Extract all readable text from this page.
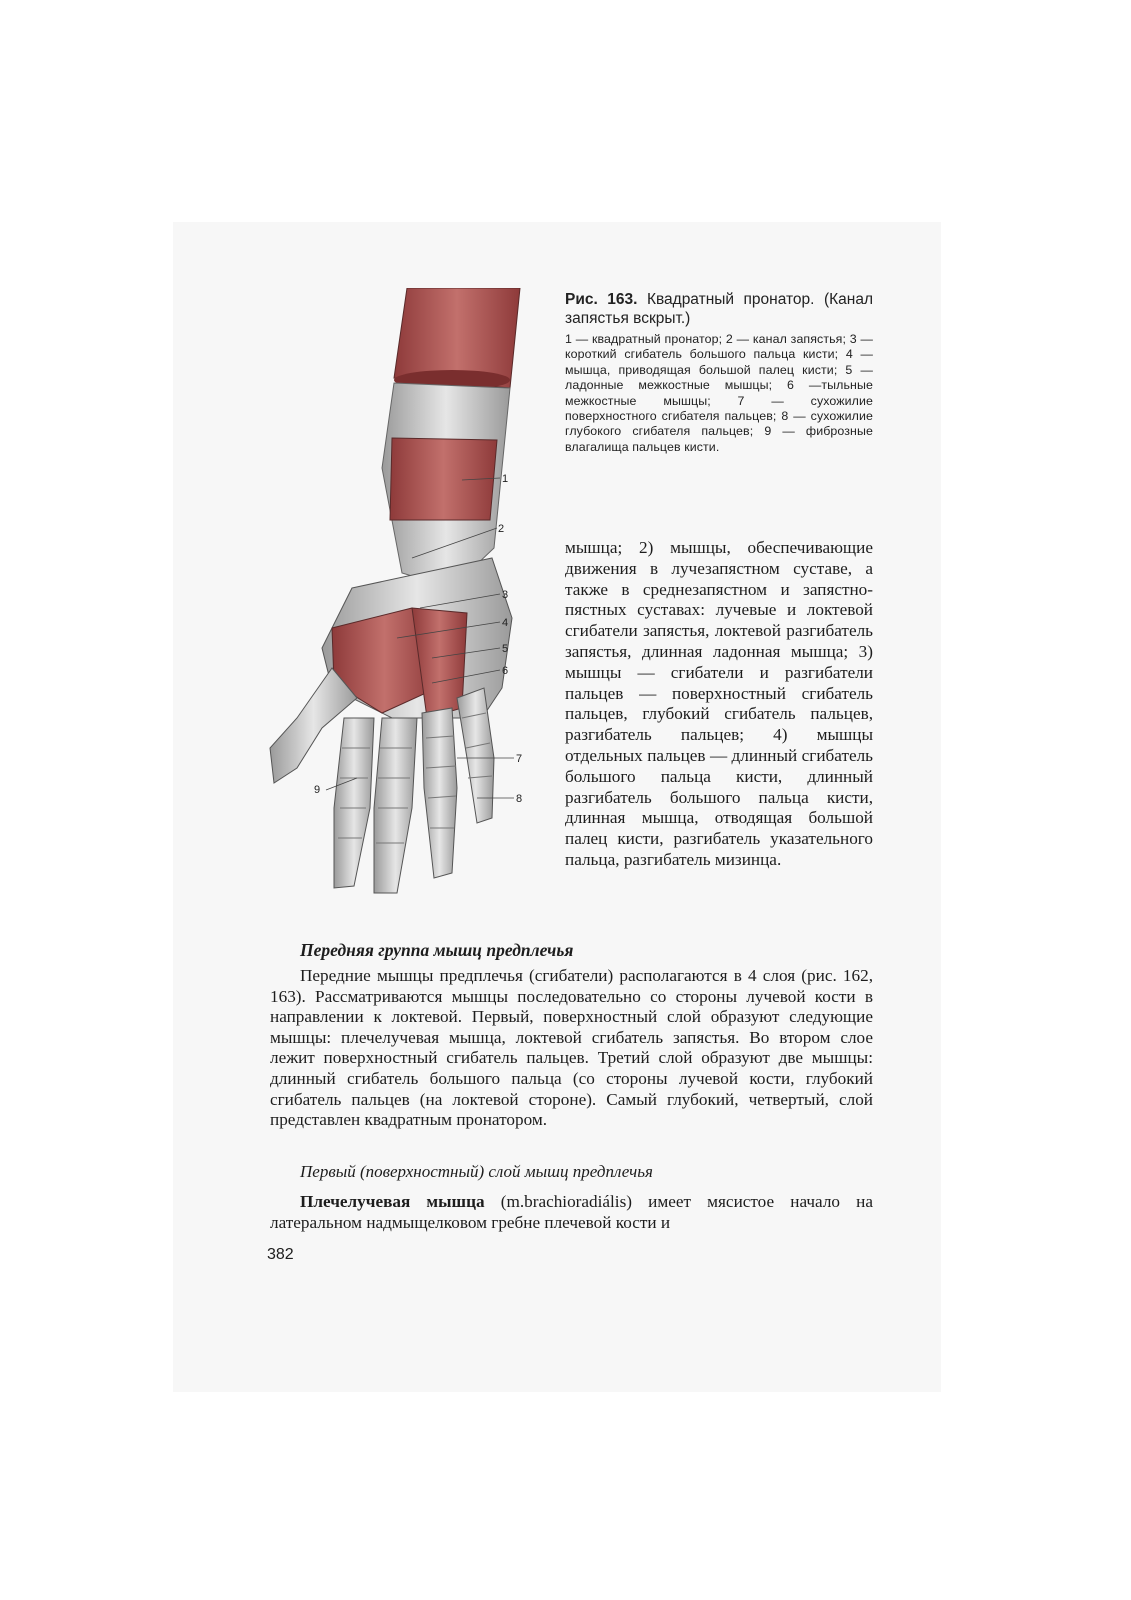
1
2
3
4
5
6
7
8
9
Рис. 163. Квадратный пронатор. (Канал запястья вскрыт.)
1 — квадратный пронатор; 2 — канал запястья; 3 — короткий сгибатель большого пальца кисти; 4 — мышца, приводящая большой палец кисти; 5 — ладонные межкостные мышцы; 6 —тыльные межкостные мышцы; 7 — сухожилие поверхностного сгибателя пальцев; 8 — сухожилие глубокого сгибателя пальцев; 9 — фиброзные влагалища пальцев кисти.
мышца; 2) мышцы, обеспечивающие движения в лучезапястном суставе, а также в среднезапястном и запястно-пястных суставах: лучевые и локтевой сгибатели запястья, локтевой разгибатель запястья, длинная ладонная мышца; 3) мышцы — сгибатели и разгибатели пальцев — поверхностный сгибатель пальцев, глубокий сгибатель пальцев, разгибатель пальцев; 4) мышцы отдельных пальцев — длинный сгибатель большого пальца кисти, длинный разгибатель большого пальца кисти, длинная мышца, отводящая большой палец кисти, разгибатель указательного пальца, разгибатель мизинца.
Передняя группа мышц предплечья

Передние мышцы предплечья (сгибатели) располагаются в 4 слоя (рис. 162, 163). Рассматриваются мышцы последовательно со стороны лучевой кости в направлении к локтевой. Первый, поверхностный слой образуют следующие мышцы: плечелучевая мышца, локтевой сгибатель запястья. Во втором слое лежит поверхностный сгибатель пальцев. Третий слой образуют две мышцы: длинный сгибатель большого пальца (со стороны лучевой кости, глубокий сгибатель пальцев (на локтевой стороне). Самый глубокий, четвертый, слой представлен квадратным пронатором.

Первый (поверхностный) слой мышц предплечья

Плечелучевая мышца (m.brachioradiális) имеет мясистое начало на латеральном надмыщелковом гребне плечевой кости и

382
